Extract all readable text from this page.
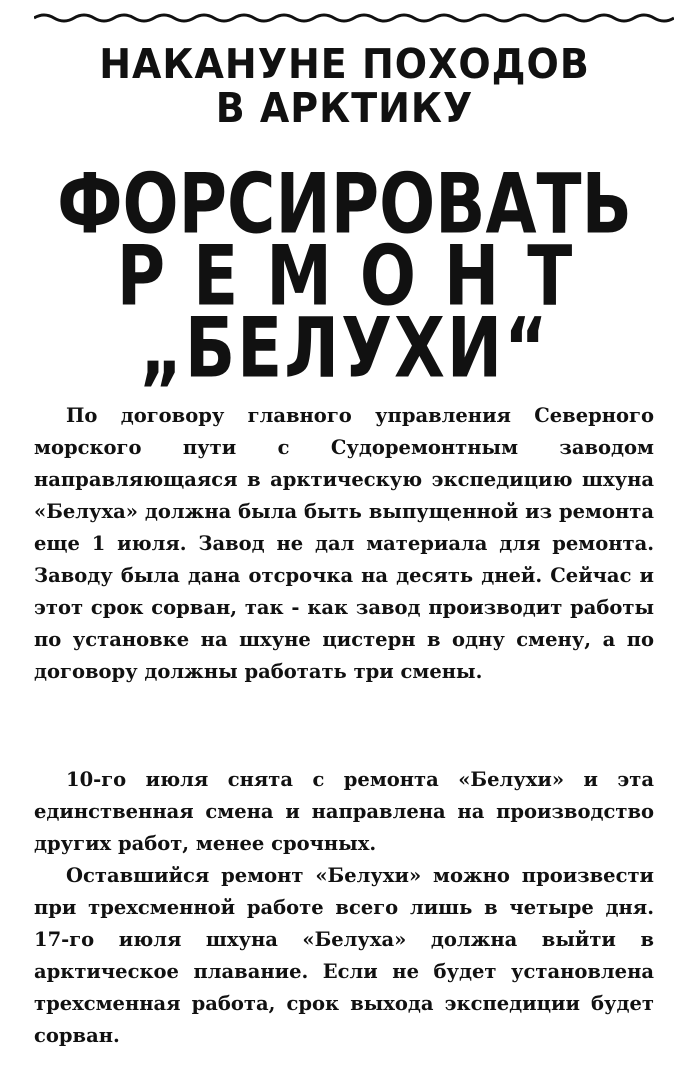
НАКАНУНЕ ПОХОДОВ
В АРКТИКУ
ФОРСИРОВАТЬ
РЕМОНТ
„БЕЛУХИ“

По договору главного управления Северного морского пути с Судоремонтным заводом направляющаяся в арктическую экспедицию шхуна «Белуха» должна была быть выпущенной из ремонта еще 1 июля. Завод не дал материала для ремонта. Заводу была дана отсрочка на десять дней. Сейчас и этот срок сорван, так - как завод производит работы по установке на шхуне цистерн в одну смену, а по договору должны работать три смены.

10-го июля снята с ремонта «Белухи» и эта единственная смена и направлена на производство других работ, менее срочных.

Оставшийся ремонт «Белухи» можно произвести при трехсменной работе всего лишь в четыре дня. 17-го июля шхуна «Белуха» должна выйти в арктическое плавание. Если не будет установлена трехсменная работа, срок выхода экспедиции будет сорван.
